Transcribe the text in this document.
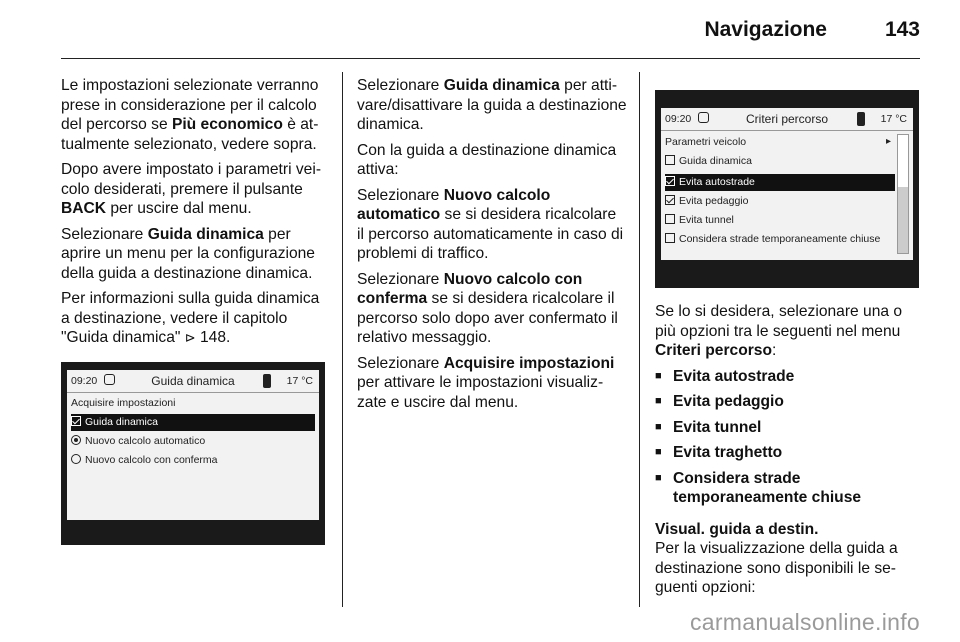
Navigazione	143

Le impostazioni selezionate verranno prese in considerazione per il calcolo del percorso se Più economico è attualmente selezionato, vedere sopra.

Dopo avere impostato i parametri veicolo desiderati, premere il pulsante BACK per uscire dal menu.

Selezionare Guida dinamica per aprire un menu per la configurazione della guida a destinazione dinamica.

Per informazioni sulla guida dinamica a destinazione, vedere il capitolo "Guida dinamica" ⊳ 148.

09:20	Guida dinamica	17 °C
Acquisire impostazioni
Guida dinamica
Nuovo calcolo automatico
Nuovo calcolo con conferma

Selezionare Guida dinamica per attivare/disattivare la guida a destinazione dinamica.

Con la guida a destinazione dinamica attiva:

Selezionare Nuovo calcolo automatico se si desidera ricalcolare il percorso automaticamente in caso di problemi di traffico.

Selezionare Nuovo calcolo con conferma se si desidera ricalcolare il percorso solo dopo aver confermato il relativo messaggio.

Selezionare Acquisire impostazioni per attivare le impostazioni visualizzate e uscire dal menu.

09:20	Criteri percorso	17 °C
Parametri veicolo	▸
Guida dinamica
Evita autostrade
Evita pedaggio
Evita tunnel
Considera strade temporaneamente chiuse

Se lo si desidera, selezionare una o più opzioni tra le seguenti nel menu Criteri percorso:

■ Evita autostrade
■ Evita pedaggio
■ Evita tunnel
■ Evita traghetto
■ Considera strade temporaneamente chiuse

Visual. guida a destin.

Per la visualizzazione della guida a destinazione sono disponibili le seguenti opzioni:

carmanualsonline.info
